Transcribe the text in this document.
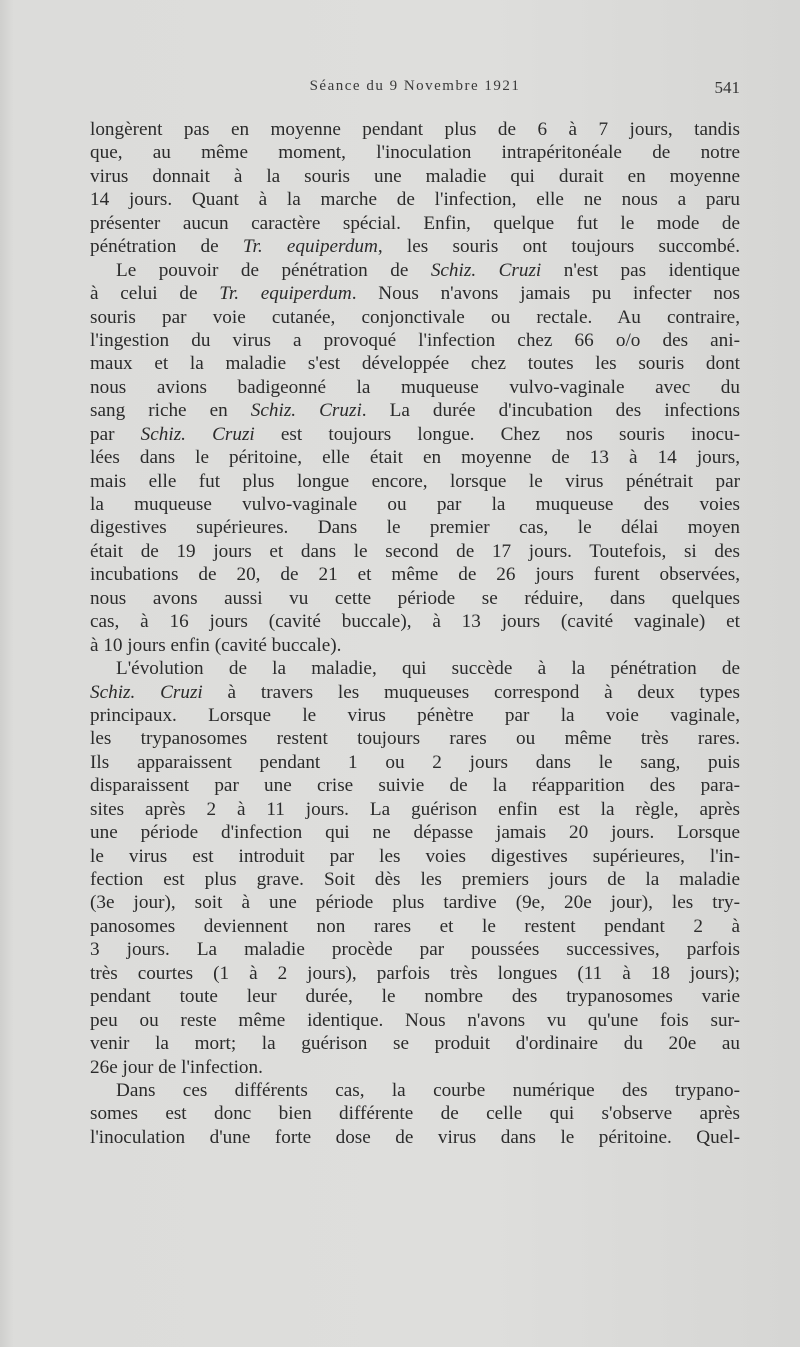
Séance du 9 Novembre 1921	541
longèrent pas en moyenne pendant plus de 6 à 7 jours, tandis
que, au même moment, l'inoculation intrapéritonéale de notre
virus donnait à la souris une maladie qui durait en moyenne
14 jours. Quant à la marche de l'infection, elle ne nous a paru
présenter aucun caractère spécial. Enfin, quelque fut le mode de
pénétration de Tr. equiperdum, les souris ont toujours succombé.
Le pouvoir de pénétration de Schiz. Cruzi n'est pas identique
à celui de Tr. equiperdum. Nous n'avons jamais pu infecter nos
souris par voie cutanée, conjonctivale ou rectale. Au contraire,
l'ingestion du virus a provoqué l'infection chez 66 o/o des ani-
maux et la maladie s'est développée chez toutes les souris dont
nous avions badigeonné la muqueuse vulvo-vaginale avec du
sang riche en Schiz. Cruzi. La durée d'incubation des infections
par Schiz. Cruzi est toujours longue. Chez nos souris inocu-
lées dans le péritoine, elle était en moyenne de 13 à 14 jours,
mais elle fut plus longue encore, lorsque le virus pénétrait par
la muqueuse vulvo-vaginale ou par la muqueuse des voies
digestives supérieures. Dans le premier cas, le délai moyen
était de 19 jours et dans le second de 17 jours. Toutefois, si des
incubations de 20, de 21 et même de 26 jours furent observées,
nous avons aussi vu cette période se réduire, dans quelques
cas, à 16 jours (cavité buccale), à 13 jours (cavité vaginale) et
à 10 jours enfin (cavité buccale).
L'évolution de la maladie, qui succède à la pénétration de
Schiz. Cruzi à travers les muqueuses correspond à deux types
principaux. Lorsque le virus pénètre par la voie vaginale,
les trypanosomes restent toujours rares ou même très rares.
Ils apparaissent pendant 1 ou 2 jours dans le sang, puis
disparaissent par une crise suivie de la réapparition des para-
sites après 2 à 11 jours. La guérison enfin est la règle, après
une période d'infection qui ne dépasse jamais 20 jours. Lorsque
le virus est introduit par les voies digestives supérieures, l'in-
fection est plus grave. Soit dès les premiers jours de la maladie
(3e jour), soit à une période plus tardive (9e, 20e jour), les try-
panosomes deviennent non rares et le restent pendant 2 à
3 jours. La maladie procède par poussées successives, parfois
très courtes (1 à 2 jours), parfois très longues (11 à 18 jours);
pendant toute leur durée, le nombre des trypanosomes varie
peu ou reste même identique. Nous n'avons vu qu'une fois sur-
venir la mort; la guérison se produit d'ordinaire du 20e au
26e jour de l'infection.
Dans ces différents cas, la courbe numérique des trypano-
somes est donc bien différente de celle qui s'observe après
l'inoculation d'une forte dose de virus dans le péritoine. Quel-
